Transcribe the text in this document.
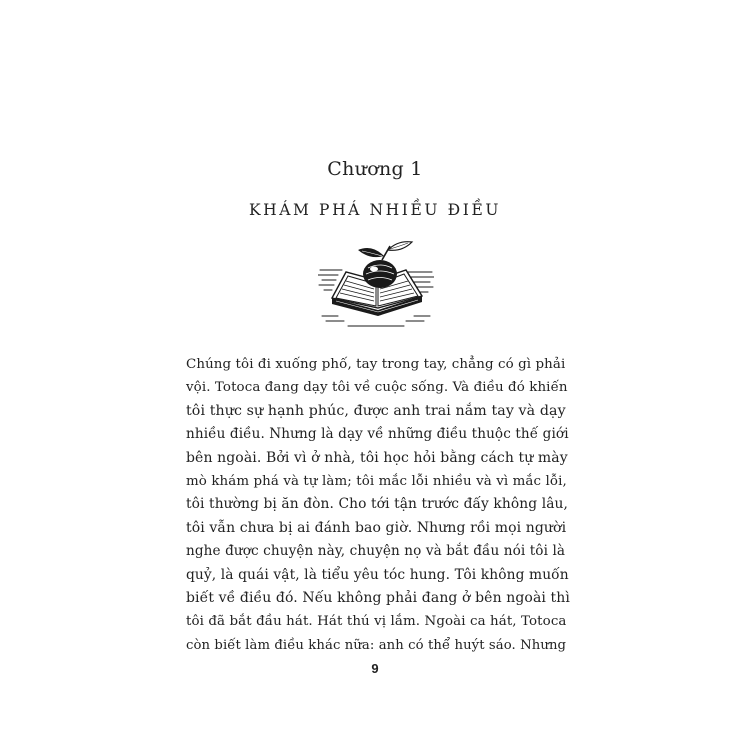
Chương 1
KHÁM PHÁ NHIỀU ĐIỀU
Chúng tôi đi xuống phố, tay trong tay, chẳng có gì phải
vội. Totoca đang dạy tôi về cuộc sống. Và điều đó khiến
tôi thực sự hạnh phúc, được anh trai nắm tay và dạy
nhiều điều. Nhưng là dạy về những điều thuộc thế giới
bên ngoài. Bởi vì ở nhà, tôi học hỏi bằng cách tự mày
mò khám phá và tự làm; tôi mắc lỗi nhiều và vì mắc lỗi,
tôi thường bị ăn đòn. Cho tới tận trước đấy không lâu,
tôi vẫn chưa bị ai đánh bao giờ. Nhưng rồi mọi người
nghe được chuyện này, chuyện nọ và bắt đầu nói tôi là
quỷ, là quái vật, là tiểu yêu tóc hung. Tôi không muốn
biết về điều đó. Nếu không phải đang ở bên ngoài thì
tôi đã bắt đầu hát. Hát thú vị lắm. Ngoài ca hát, Totoca
còn biết làm điều khác nữa: anh có thể huýt sáo. Nhưng
9
